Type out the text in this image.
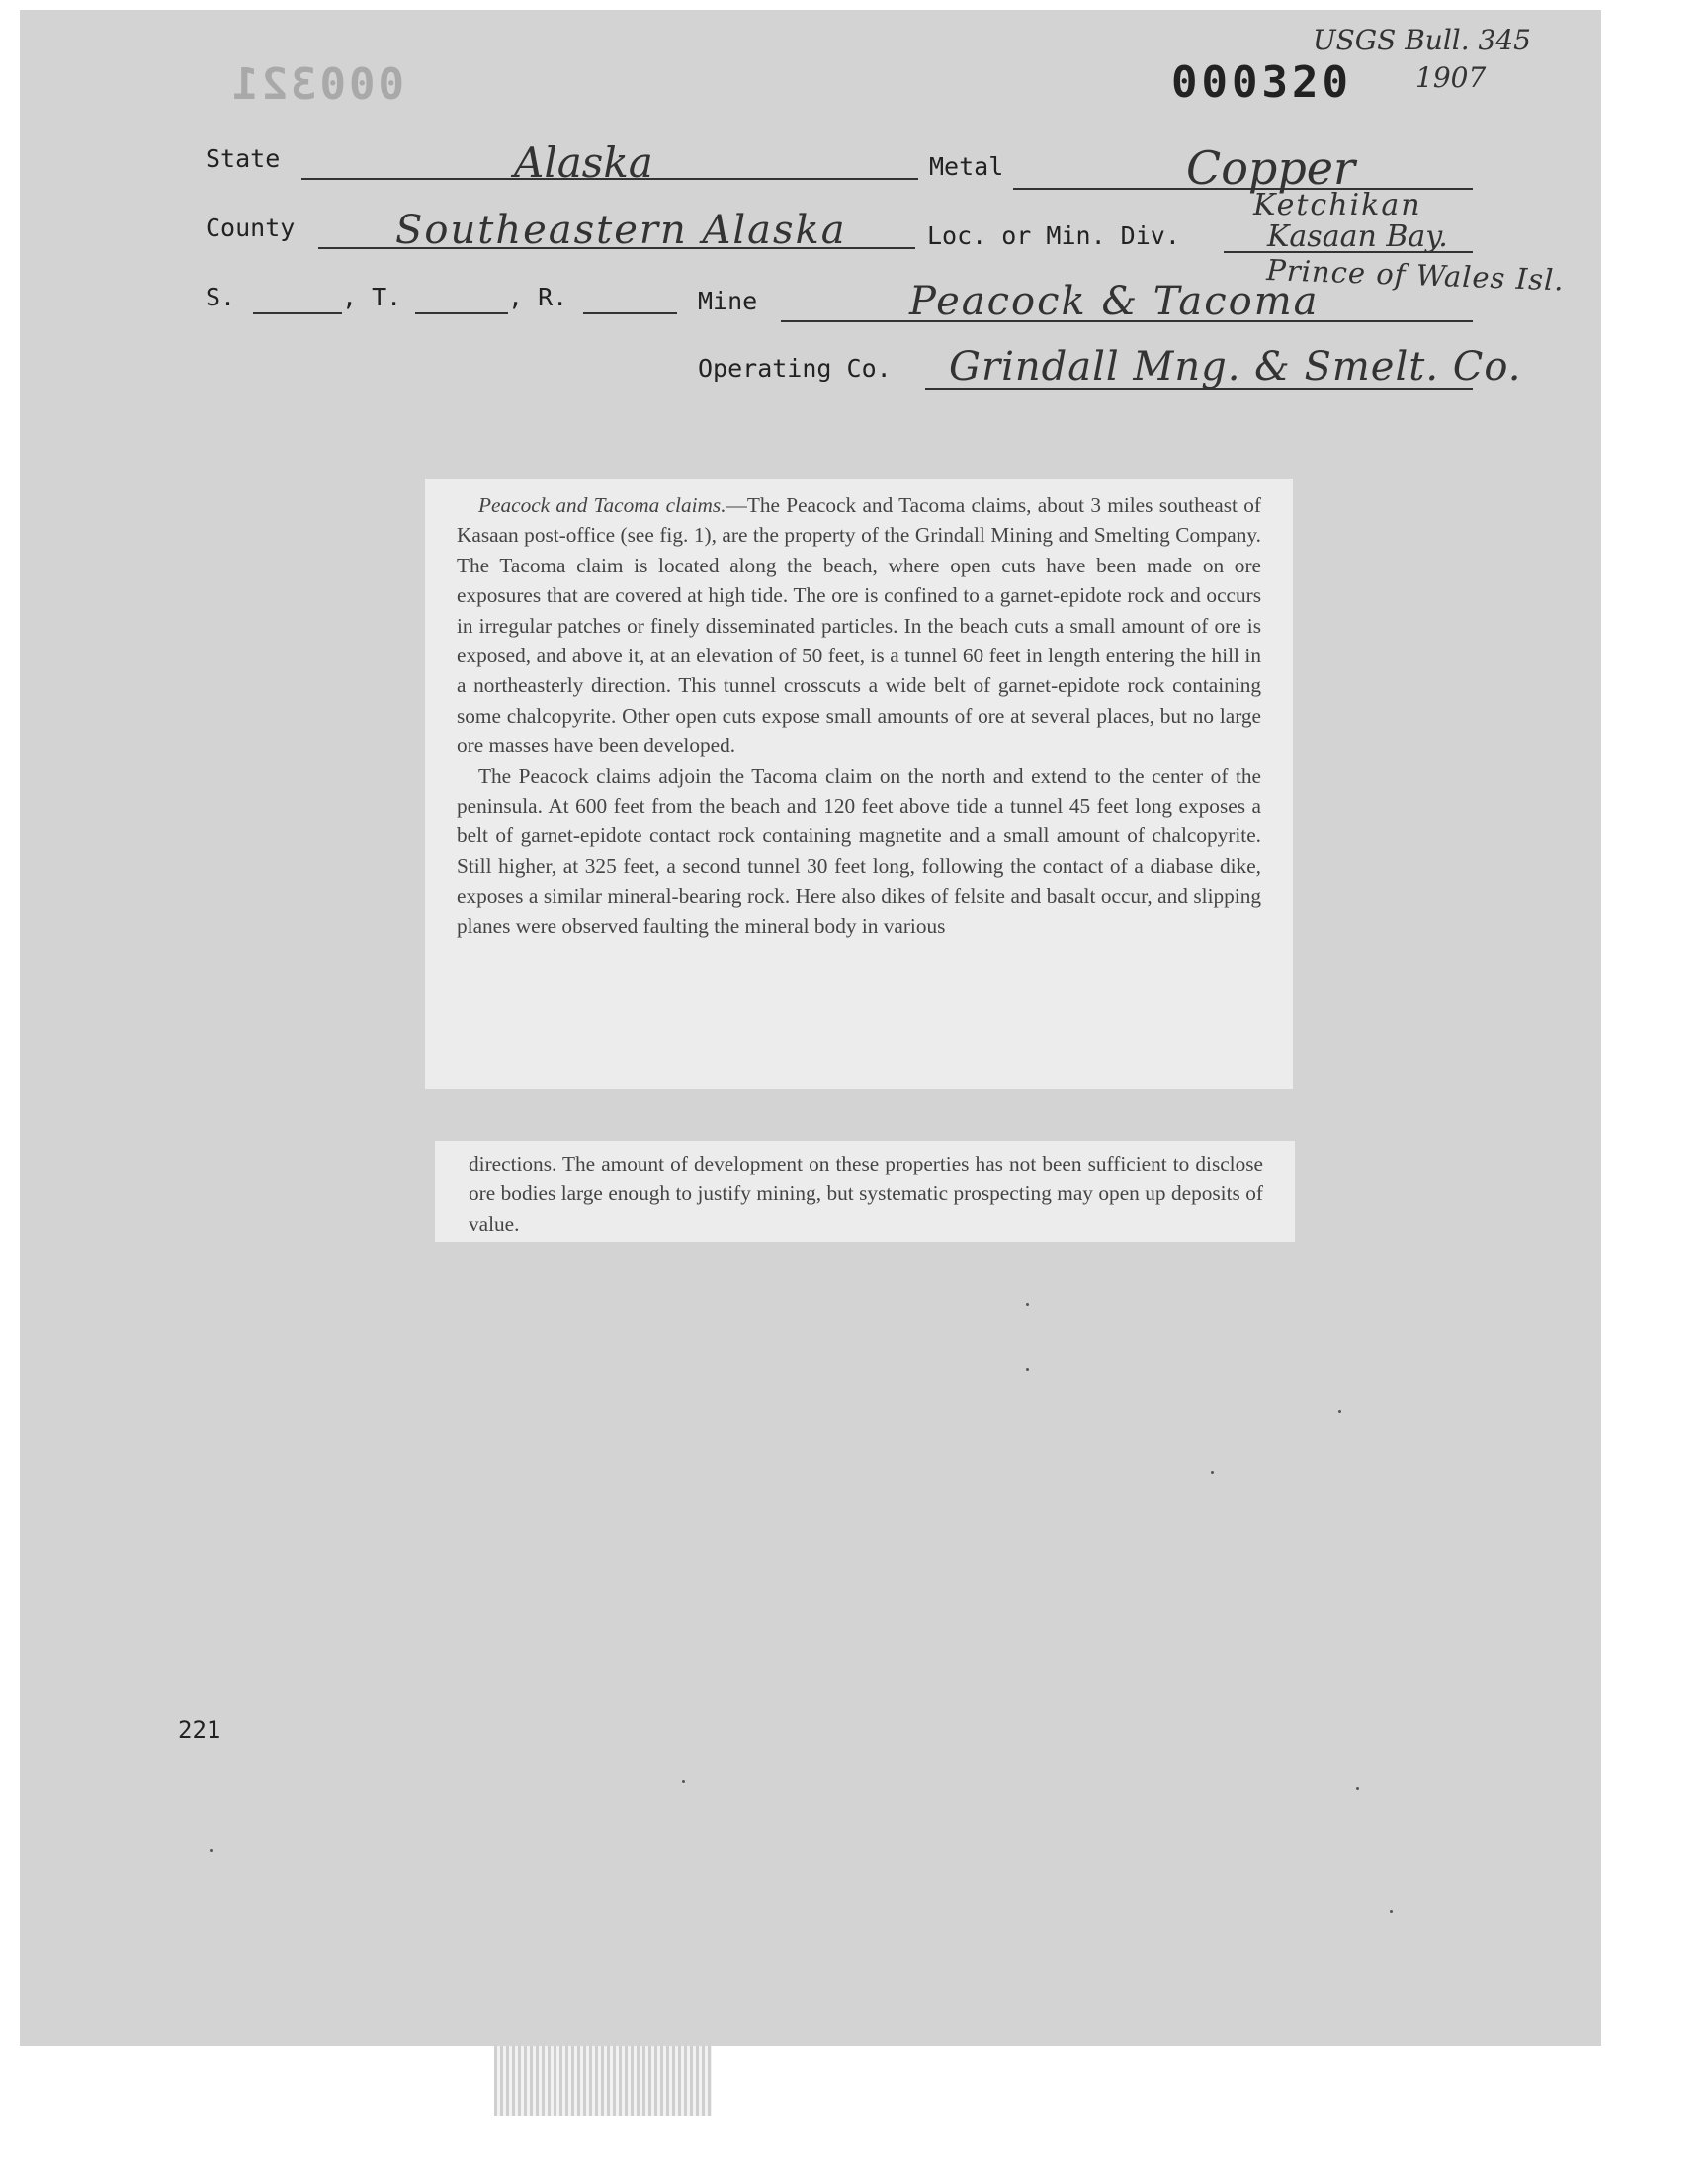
000321	000320
USGS Bull. 345
1907
State	Alaska	Metal	Copper
County	Southeastern Alaska	Loc. or Min. Div.
Ketchikan
Kasaan Bay.
Prince of Wales Isl.
S.	, T.	, R.	Mine	Peacock & Tacoma
Operating Co. Grindall Mng. & Smelt. Co.

Peacock and Tacoma claims.—The Peacock and Tacoma claims, about 3 miles southeast of Kasaan post-office (see fig. 1), are the property of the Grindall Mining and Smelting Company. The Tacoma claim is located along the beach, where open cuts have been made on ore exposures that are covered at high tide. The ore is confined to a garnet-epidote rock and occurs in irregular patches or finely disseminated particles. In the beach cuts a small amount of ore is exposed, and above it, at an elevation of 50 feet, is a tunnel 60 feet in length entering the hill in a northeasterly direction. This tunnel crosscuts a wide belt of garnet-epidote rock containing some chalcopyrite. Other open cuts expose small amounts of ore at several places, but no large ore masses have been developed.

The Peacock claims adjoin the Tacoma claim on the north and extend to the center of the peninsula. At 600 feet from the beach and 120 feet above tide a tunnel 45 feet long exposes a belt of garnet-epidote contact rock containing magnetite and a small amount of chalcopyrite. Still higher, at 325 feet, a second tunnel 30 feet long, following the contact of a diabase dike, exposes a similar mineral-bearing rock. Here also dikes of felsite and basalt occur, and slipping planes were observed faulting the mineral body in various

directions. The amount of development on these properties has not been sufficient to disclose ore bodies large enough to justify mining, but systematic prospecting may open up deposits of value.

221
